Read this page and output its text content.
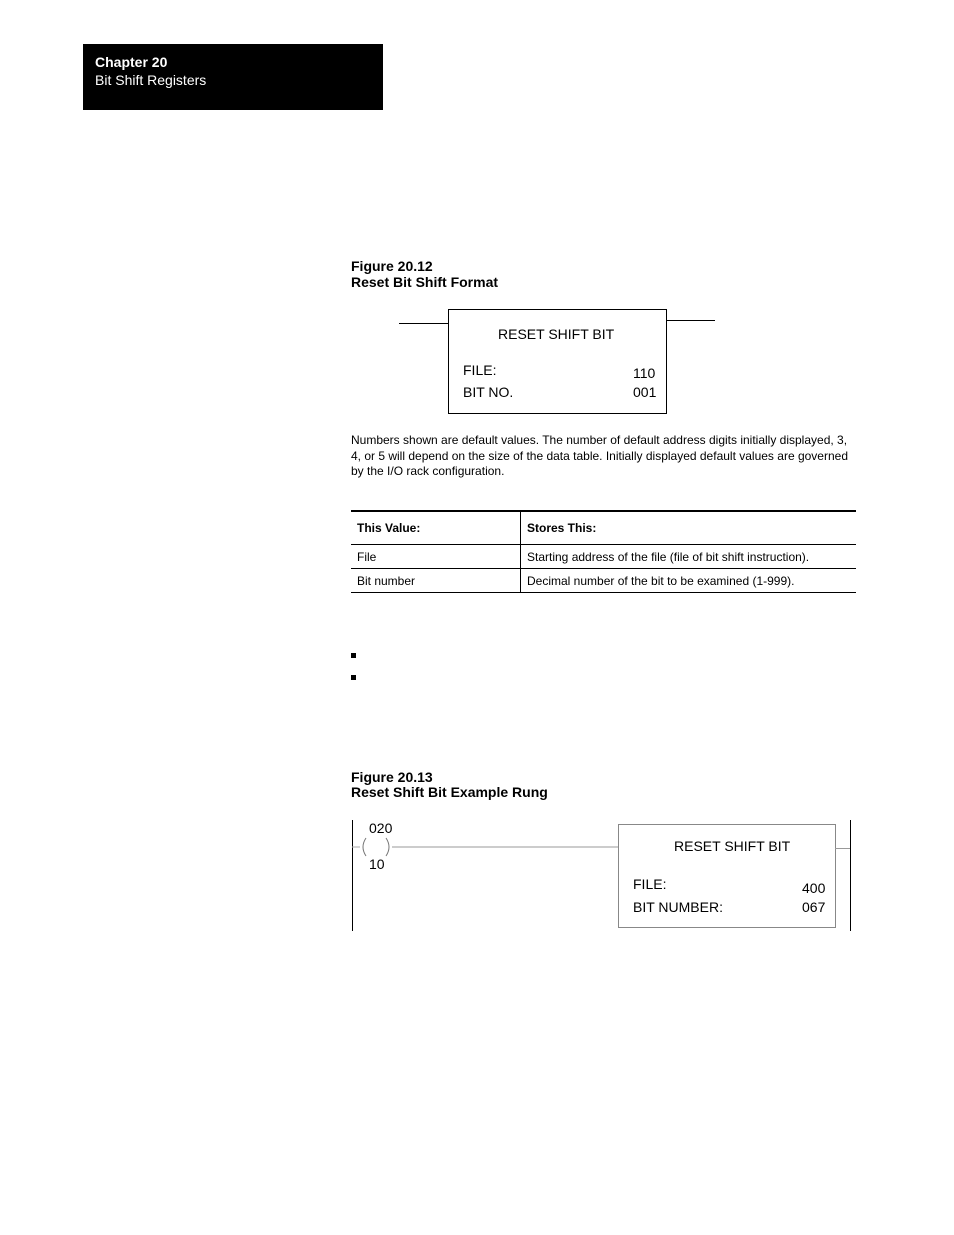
Chapter 20
Bit Shift Registers
Figure 20.12
Reset Bit Shift Format
RESET SHIFT BIT
FILE:	110
BIT NO.	001
Numbers shown are default values. The number of default address digits initially displayed, 3, 4, or 5 will depend on the size of the data table. Initially displayed default values are governed by the I/O rack configuration.
This Value:	Stores This:
File	Starting address of the file (file of bit shift instruction).
Bit number	Decimal number of the bit to be examined (1-999).
Figure 20.13
Reset Shift Bit Example Rung
020
10
RESET SHIFT BIT
FILE:	400
BIT NUMBER:	067
